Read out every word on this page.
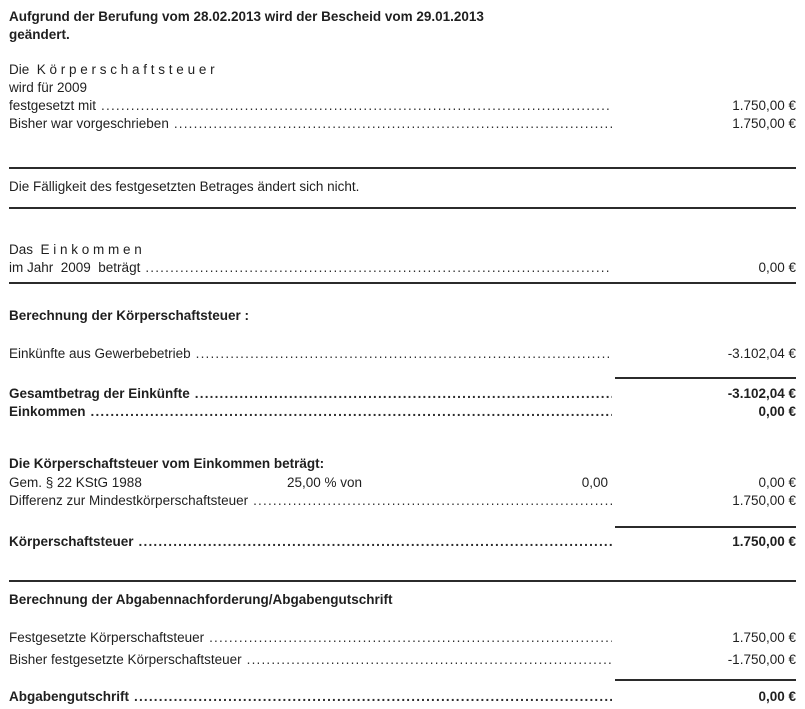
Aufgrund der Berufung vom 28.02.2013 wird der Bescheid vom 29.01.2013
geändert.
Die  K ö r p e r s c h a f t s t e u e r
wird für 2009
festgesetzt mit .....	1.750,00 €
Bisher war vorgeschrieben .....	1.750,00 €
Die Fälligkeit des festgesetzten Betrages ändert sich nicht.
Das  E i n k o m m e n
im Jahr  2009  beträgt .....	0,00 €
Berechnung der Körperschaftsteuer :
Einkünfte aus Gewerbebetrieb .....	-3.102,04 €
Gesamtbetrag der Einkünfte .....	-3.102,04 €
Einkommen .....	0,00 €
Die Körperschaftsteuer vom Einkommen beträgt:
Gem. § 22 KStG 1988	25,00 % von	0,00	0,00 €
Differenz zur Mindestkörperschaftsteuer .....	1.750,00 €
Körperschaftsteuer .....	1.750,00 €
Berechnung der Abgabennachforderung/Abgabengutschrift
Festgesetzte Körperschaftsteuer .....	1.750,00 €
Bisher festgesetzte Körperschaftsteuer .....	-1.750,00 €
Abgabengutschrift .....	0,00 €
